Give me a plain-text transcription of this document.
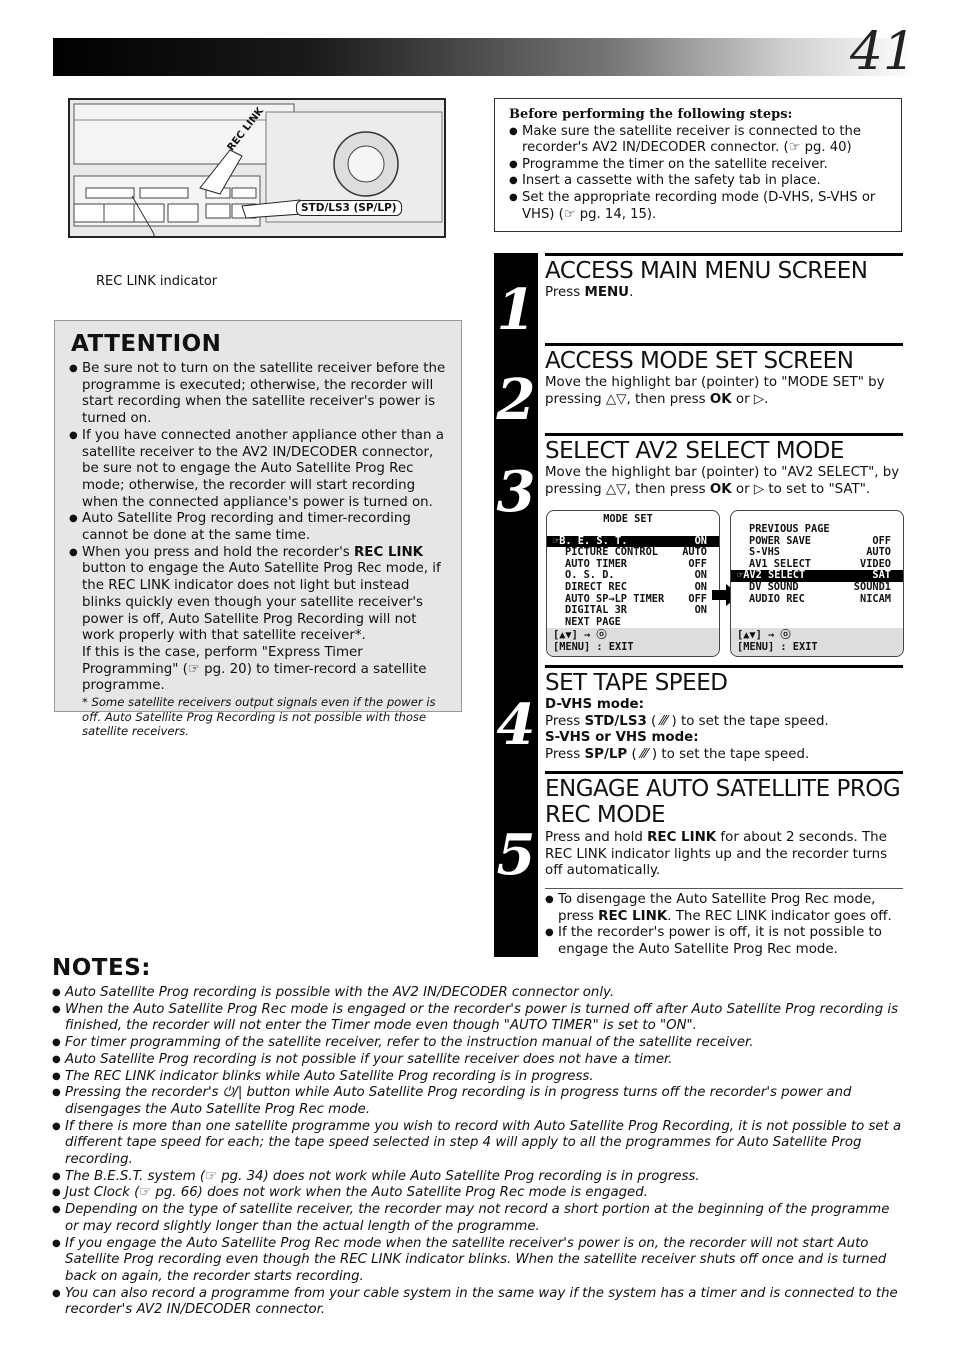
41
REC LINK
STD/LS3 (SP/LP)
REC LINK indicator
Before performing the following steps:
● Make sure the satellite receiver is connected to the recorder's AV2 IN/DECODER connector. (☞ pg. 40)
● Programme the timer on the satellite receiver.
● Insert a cassette with the safety tab in place.
● Set the appropriate recording mode (D-VHS, S-VHS or VHS) (☞ pg. 14, 15).
ATTENTION
● Be sure not to turn on the satellite receiver before the programme is executed; otherwise, the recorder will start recording when the satellite receiver's power is turned on.
● If you have connected another appliance other than a satellite receiver to the AV2 IN/DECODER connector, be sure not to engage the Auto Satellite Prog Rec mode; otherwise, the recorder will start recording when the connected appliance's power is turned on.
● Auto Satellite Prog recording and timer-recording cannot be done at the same time.
● When you press and hold the recorder's REC LINK button to engage the Auto Satellite Prog Rec mode, if the REC LINK indicator does not light but instead blinks quickly even though your satellite receiver's power is off, Auto Satellite Prog Recording will not work properly with that satellite receiver*.
If this is the case, perform "Express Timer Programming" (☞ pg. 20) to timer-record a satellite programme.
* Some satellite receivers output signals even if the power is off. Auto Satellite Prog Recording is not possible with those satellite receivers.
1
2
3
4
5
ACCESS MAIN MENU SCREEN
Press MENU.
ACCESS MODE SET SCREEN
Move the highlight bar (pointer) to "MODE SET" by pressing △▽, then press OK or ▷.
SELECT AV2 SELECT MODE
Move the highlight bar (pointer) to "AV2 SELECT", by pressing △▽, then press OK or ▷ to set to "SAT".
MODE SET
☞B. E. S. T.	ON
PICTURE CONTROL AUTO
AUTO TIMER	OFF
O. S. D.	ON
DIRECT REC	ON
AUTO SP→LP TIMER OFF
DIGITAL 3R	ON
NEXT PAGE
[▲▼] → ⓞ
[MENU] : EXIT
PREVIOUS PAGE
POWER SAVE	OFF
S-VHS	AUTO
AV1 SELECT	VIDEO
☞AV2 SELECT	SAT
DV SOUND	SOUND1
AUDIO REC	NICAM
[▲▼] → ⓞ
[MENU] : EXIT
SET TAPE SPEED
D-VHS mode:
Press STD/LS3 ( ⁄⁄⁄ ) to set the tape speed.
S-VHS or VHS mode:
Press SP/LP ( ⁄⁄⁄ ) to set the tape speed.
ENGAGE AUTO SATELLITE PROG
REC MODE
Press and hold REC LINK for about 2 seconds. The REC LINK indicator lights up and the recorder turns off automatically.
● To disengage the Auto Satellite Prog Rec mode, press REC LINK. The REC LINK indicator goes off.
● If the recorder's power is off, it is not possible to engage the Auto Satellite Prog Rec mode.
NOTES:
● Auto Satellite Prog recording is possible with the AV2 IN/DECODER connector only.
● When the Auto Satellite Prog Rec mode is engaged or the recorder's power is turned off after Auto Satellite Prog recording is finished, the recorder will not enter the Timer mode even though "AUTO TIMER" is set to "ON".
● For timer programming of the satellite receiver, refer to the instruction manual of the satellite receiver.
● Auto Satellite Prog recording is not possible if your satellite receiver does not have a timer.
● The REC LINK indicator blinks while Auto Satellite Prog recording is in progress.
● Pressing the recorder's ⏻/| button while Auto Satellite Prog recording is in progress turns off the recorder's power and disengages the Auto Satellite Prog Rec mode.
● If there is more than one satellite programme you wish to record with Auto Satellite Prog Recording, it is not possible to set a different tape speed for each; the tape speed selected in step 4 will apply to all the programmes for Auto Satellite Prog recording.
● The B.E.S.T. system (☞ pg. 34) does not work while Auto Satellite Prog recording is in progress.
● Just Clock (☞ pg. 66) does not work when the Auto Satellite Prog Rec mode is engaged.
● Depending on the type of satellite receiver, the recorder may not record a short portion at the beginning of the programme or may record slightly longer than the actual length of the programme.
● If you engage the Auto Satellite Prog Rec mode when the satellite receiver's power is on, the recorder will not start Auto Satellite Prog recording even though the REC LINK indicator blinks. When the satellite receiver shuts off once and is turned back on again, the recorder starts recording.
● You can also record a programme from your cable system in the same way if the system has a timer and is connected to the recorder's AV2 IN/DECODER connector.
